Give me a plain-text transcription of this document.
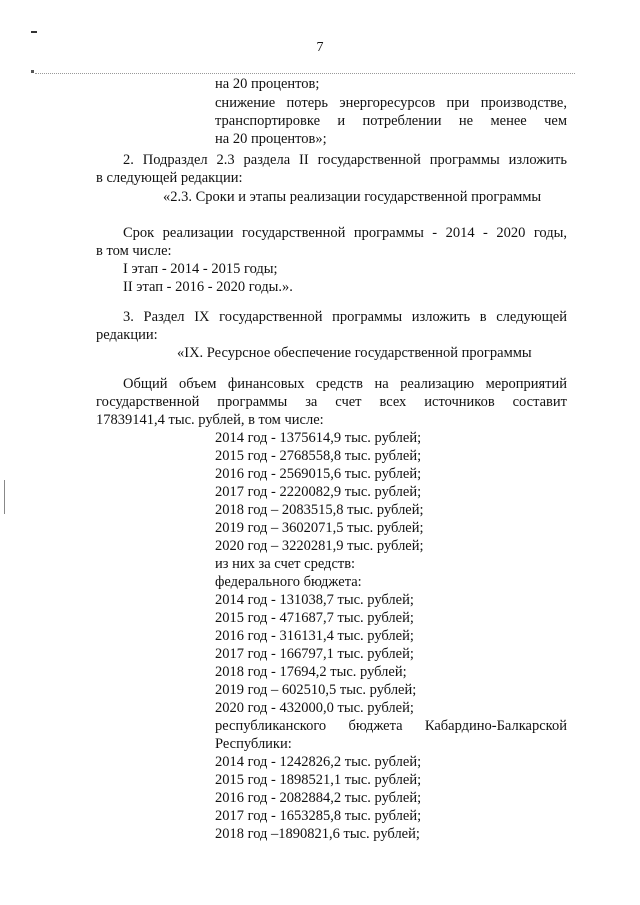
7
на 20 процентов;
снижение потерь энергоресурсов при производстве,
транспортировке и потреблении не менее чем
на 20 процентов»;
2. Подраздел 2.3 раздела II государственной программы изложить
в следующей редакции:
«2.3. Сроки и этапы реализации государственной программы
Срок реализации государственной программы - 2014 - 2020 годы,
в том числе:
I этап - 2014 - 2015 годы;
II этап - 2016 - 2020 годы.».
3. Раздел IX государственной программы изложить в следующей
редакции:
«IX. Ресурсное обеспечение государственной программы
Общий объем финансовых средств на реализацию мероприятий
государственной программы за счет всех источников составит
17839141,4 тыс. рублей, в том числе:
2014 год - 1375614,9 тыс. рублей;
2015 год - 2768558,8 тыс. рублей;
2016 год - 2569015,6 тыс. рублей;
2017 год - 2220082,9 тыс. рублей;
2018 год – 2083515,8 тыс. рублей;
2019 год – 3602071,5 тыс. рублей;
2020 год – 3220281,9 тыс. рублей;
из них за счет средств:
федерального бюджета:
2014 год - 131038,7 тыс. рублей;
2015 год - 471687,7 тыс. рублей;
2016 год - 316131,4 тыс. рублей;
2017 год - 166797,1 тыс. рублей;
2018 год - 17694,2 тыс. рублей;
2019 год – 602510,5 тыс. рублей;
2020 год - 432000,0 тыс. рублей;
республиканского бюджета Кабардино-Балкарской
Республики:
2014 год - 1242826,2 тыс. рублей;
2015 год - 1898521,1 тыс. рублей;
2016 год - 2082884,2 тыс. рублей;
2017 год - 1653285,8 тыс. рублей;
2018 год –1890821,6 тыс. рублей;
